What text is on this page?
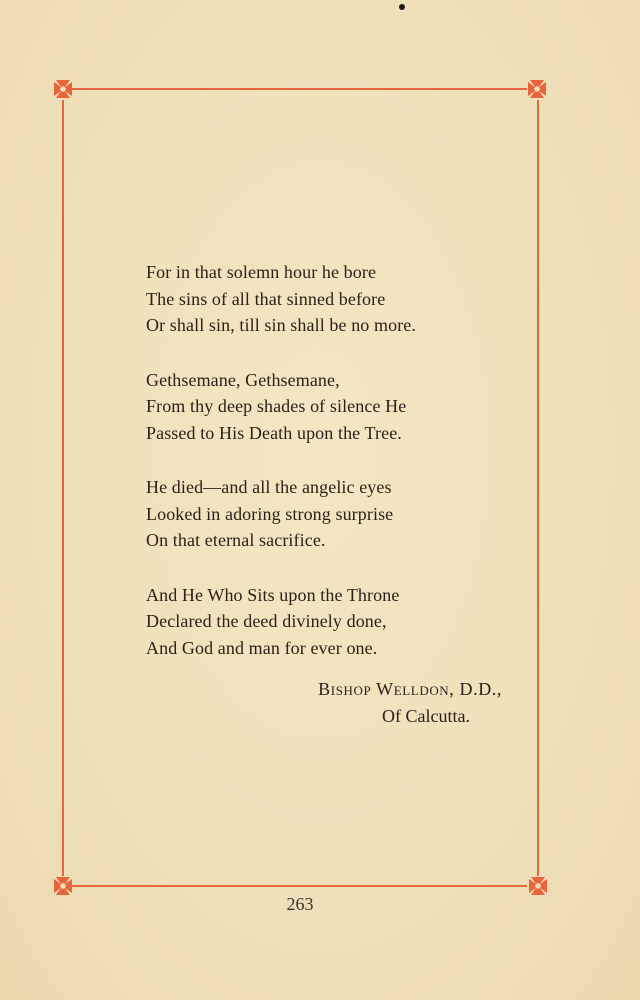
For in that solemn hour he bore
The sins of all that sinned before
Or shall sin, till sin shall be no more.
Gethsemane, Gethsemane,
From thy deep shades of silence He
Passed to His Death upon the Tree.
He died—and all the angelic eyes
Looked in adoring strong surprise
On that eternal sacrifice.
And He Who Sits upon the Throne
Declared the deed divinely done,
And God and man for ever one.
Bishop Welldon, D.D.,
Of Calcutta.
263
